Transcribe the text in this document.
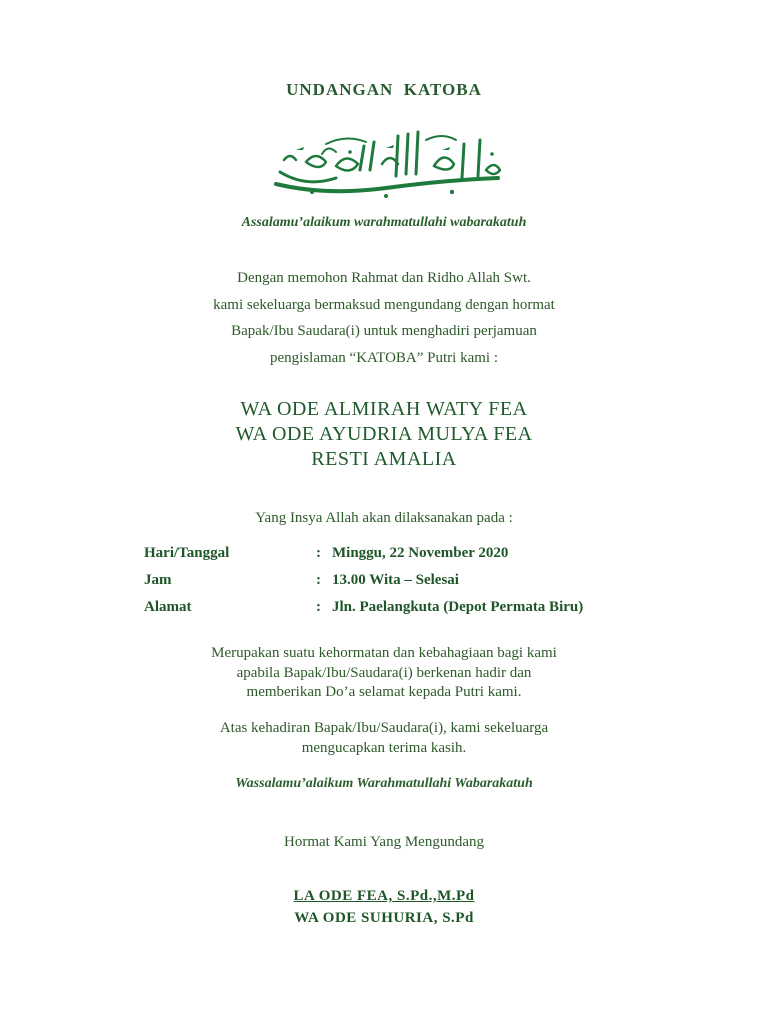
UNDANGAN  KATOBA
Assalamu’alaikum warahmatullahi wabarakatuh
Dengan memohon Rahmat dan Ridho Allah Swt.
kami sekeluarga bermaksud mengundang dengan hormat
Bapak/Ibu Saudara(i) untuk menghadiri perjamuan
pengislaman “KATOBA” Putri kami :
WA ODE ALMIRAH WATY FEA
WA ODE AYUDRIA MULYA FEA
RESTI AMALIA
Yang Insya Allah akan dilaksanakan pada :
Hari/Tanggal	: Minggu, 22 November 2020
Jam	: 13.00 Wita – Selesai
Alamat	: Jln. Paelangkuta (Depot Permata Biru)
Merupakan suatu kehormatan dan kebahagiaan bagi kami
apabila Bapak/Ibu/Saudara(i) berkenan hadir dan
memberikan Do’a selamat kepada Putri kami.
Atas kehadiran Bapak/Ibu/Saudara(i), kami sekeluarga
mengucapkan terima kasih.
Wassalamu’alaikum Warahmatullahi Wabarakatuh
Hormat Kami Yang Mengundang
LA ODE FEA, S.Pd.,M.Pd
WA ODE SUHURIA, S.Pd
